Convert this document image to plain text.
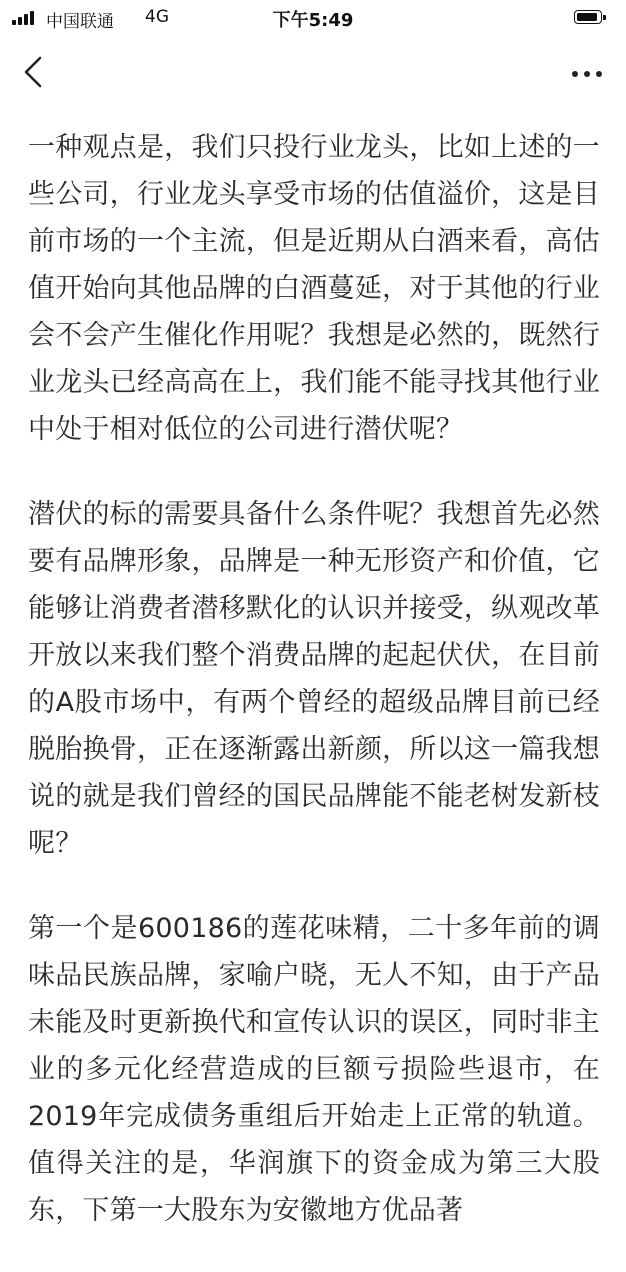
中国联通 4G	下午5:49

一种观点是，我们只投行业龙头，比如上述的一些公司，行业龙头享受市场的估值溢价，这是目前市场的一个主流，但是近期从白酒来看，高估值开始向其他品牌的白酒蔓延，对于其他的行业会不会产生催化作用呢？我想是必然的，既然行业龙头已经高高在上，我们能不能寻找其他行业中处于相对低位的公司进行潜伏呢？

潜伏的标的需要具备什么条件呢？我想首先必然要有品牌形象，品牌是一种无形资产和价值，它能够让消费者潜移默化的认识并接受，纵观改革开放以来我们整个消费品牌的起起伏伏，在目前的A股市场中，有两个曾经的超级品牌目前已经脱胎换骨，正在逐渐露出新颜，所以这一篇我想说的就是我们曾经的国民品牌能不能老树发新枝呢？

第一个是600186的莲花味精，二十多年前的调味品民族品牌，家喻户晓，无人不知，由于产品未能及时更新换代和宣传认识的误区，同时非主业的多元化经营造成的巨额亏损险些退市，在2019年完成债务重组后开始走上正常的轨道。值得关注的是，华润旗下的资金成为第三大股东，下第一大股东为安徽地方优品著
